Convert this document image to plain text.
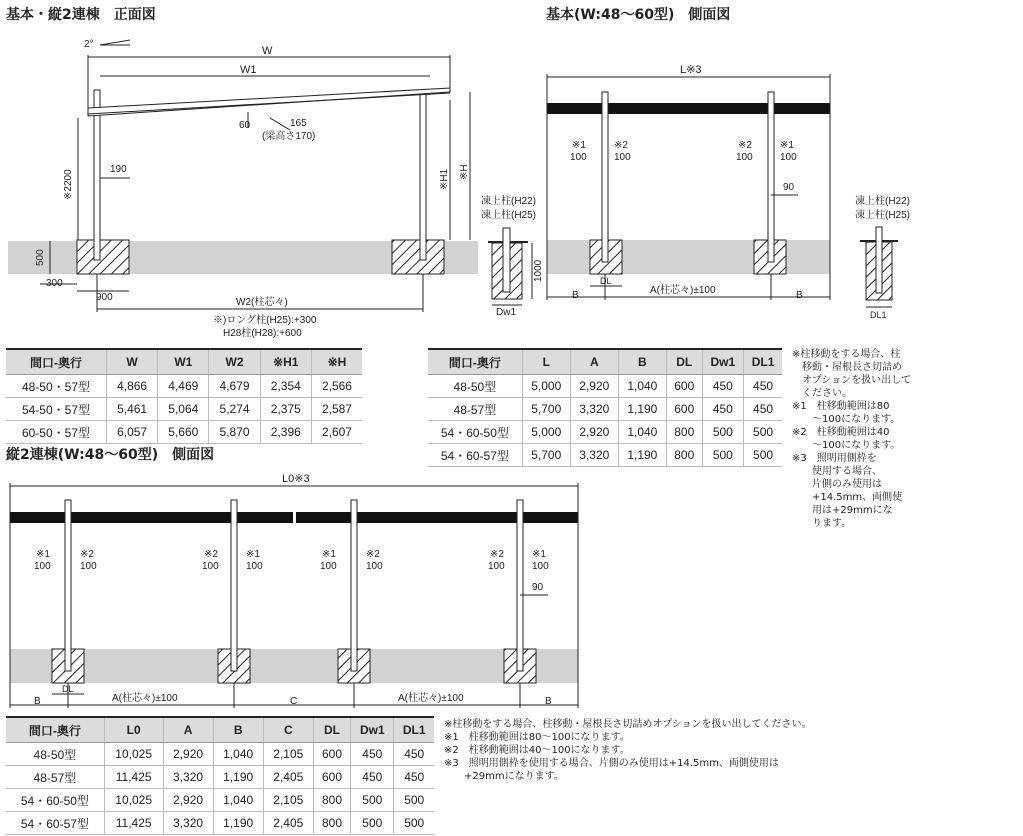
2°
W
W1
165
(梁高さ170)
60
190
※2200	※H1 ※H
500
300
900	W2(柱芯々)
※)ロング柱(H25):+300
H28柱(H28):+600
凍上柱(H22)
凍上柱(H25)
1000
Dw1
L※3
※1
100
※2
100
※2
100
※1
100
90
DL
B	A(柱芯々)±100	B
凍上柱(H22)
凍上柱(H25)
DL1
L0※3
※1
100
※2
100
※2
100
※1
100
※1
100
※2
100
※2
100
※1
100
90
DL
B	A(柱芯々)±100	C	A(柱芯々)±100	B
基本・縦2連棟　正面図	基本(W:48～60型)　側面図
縦2連棟(W:48～60型)　側面図
間口-奥行	W	W1	W2	※H1	※H
48-50・57型	4,866	4,469	4,679	2,354	2,566
54-50・57型	5,461	5,064	5,274	2,375	2,587
60-50・57型	6,057	5,660	5,870	2,396	2,607
間口-奥行	L	A	B	DL	Dw1	DL1
48-50型	5,000	2,920	1,040	600	450	450
48-57型	5,700	3,320	1,190	600	450	450
54・60-50型	5,000	2,920	1,040	800	500	500
54・60-57型	5,700	3,320	1,190	800	500	500
間口-奥行	L0	A	B	C	DL	Dw1	DL1
48-50型	10,025	2,920	1,040	2,105	600	450	450
48-57型	11,425	3,320	1,190	2,405	600	450	450
54・60-50型	10,025	2,920	1,040	2,105	800	500	500
54・60-57型	11,425	3,320	1,190	2,405	800	500	500
※柱移動をする場合、柱
　移動・屋根長さ切詰め
　オプションを扱い出して
　ください。
※1　柱移動範囲は80
　　～100になります。
※2　柱移動範囲は40
　　～100になります。
※3　照明用側枠を
　　使用する場合、
　　片側のみ使用は
　　+14.5mm、両側使
　　用は+29mmにな
　　ります。
※柱移動をする場合、柱移動・屋根長さ切詰めオプションを扱い出してください。
※1　柱移動範囲は80～100になります。
※2　柱移動範囲は40～100になります。
※3　照明用側枠を使用する場合、片側のみ使用は+14.5mm、両側使用は
　　+29mmになります。
